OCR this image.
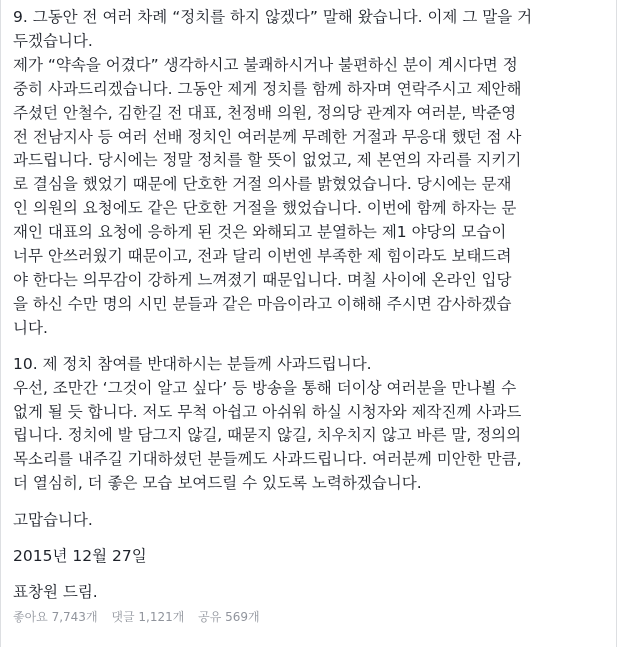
9. 그동안 전 여러 차례 “정치를 하지 않겠다” 말해 왔습니다. 이제 그 말을 거
두겠습니다.
제가 “약속을 어겼다” 생각하시고 불쾌하시거나 불편하신 분이 계시다면 정
중히 사과드리겠습니다. 그동안 제게 정치를 함께 하자며 연락주시고 제안해
주셨던 안철수, 김한길 전 대표, 천정배 의원, 정의당 관계자 여러분, 박준영
전 전남지사 등 여러 선배 정치인 여러분께 무례한 거절과 무응대 했던 점 사
과드립니다. 당시에는 정말 정치를 할 뜻이 없었고, 제 본연의 자리를 지키기
로 결심을 했었기 때문에 단호한 거절 의사를 밝혔었습니다. 당시에는 문재
인 의원의 요청에도 같은 단호한 거절을 했었습니다. 이번에 함께 하자는 문
재인 대표의 요청에 응하게 된 것은 와해되고 분열하는 제1 야당의 모습이
너무 안쓰러웠기 때문이고, 전과 달리 이번엔 부족한 제 힘이라도 보태드려
야 한다는 의무감이 강하게 느껴졌기 때문입니다. 며칠 사이에 온라인 입당
을 하신 수만 명의 시민 분들과 같은 마음이라고 이해해 주시면 감사하겠습
니다.
10. 제 정치 참여를 반대하시는 분들께 사과드립니다.
우선, 조만간 ‘그것이 알고 싶다’ 등 방송을 통해 더이상 여러분을 만나뵐 수
없게 될 듯 합니다. 저도 무척 아쉽고 아쉬워 하실 시청자와 제작진께 사과드
립니다. 정치에 발 담그지 않길, 때묻지 않길, 치우치지 않고 바른 말, 정의의
목소리를 내주길 기대하셨던 분들께도 사과드립니다. 여러분께 미안한 만큼,
더 열심히, 더 좋은 모습 보여드릴 수 있도록 노력하겠습니다.
고맙습니다.
2015년 12월 27일
표창원 드림.
좋아요 7,743개 댓글 1,121개 공유 569개
